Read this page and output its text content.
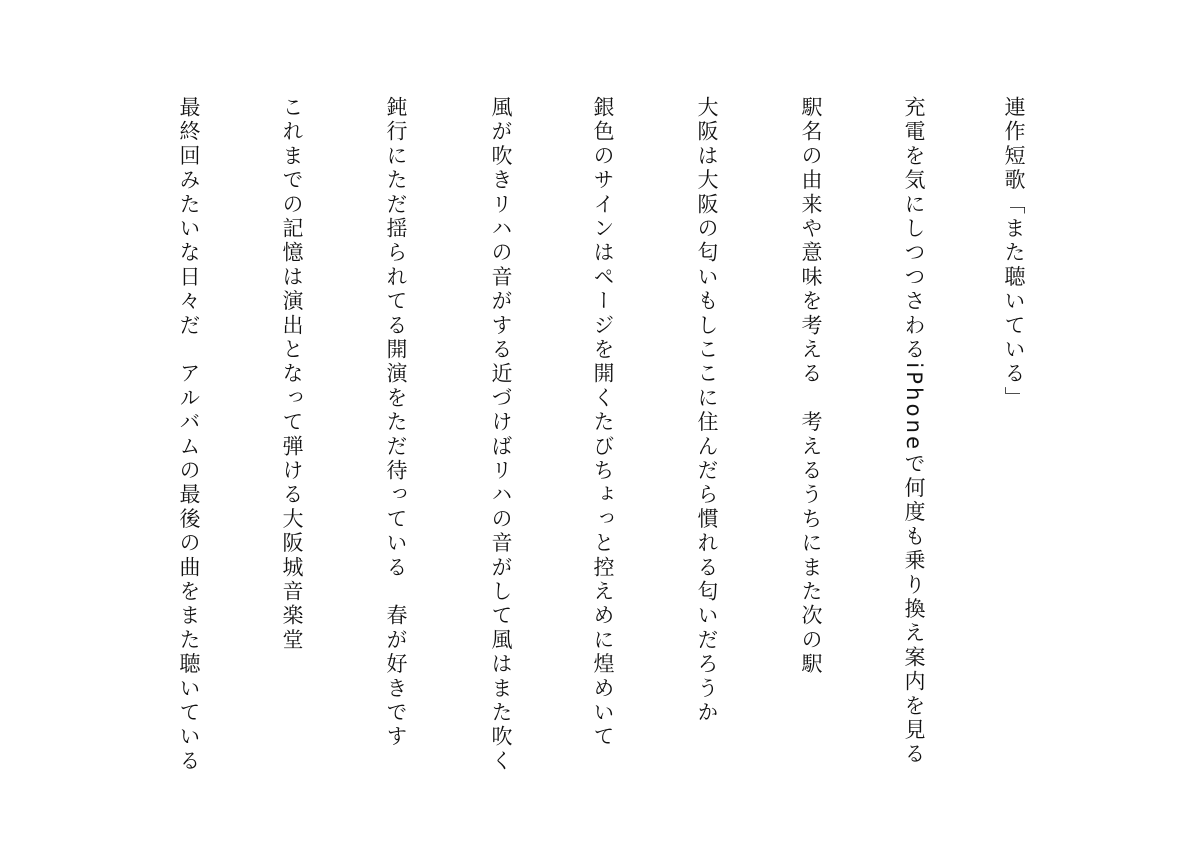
連作短歌「また聴いている」
充電を気にしつつさわるiPhoneで何度も乗り換え案内を見る
駅名の由来や意味を考える　考えるうちにまた次の駅
大阪は大阪の匂いもしここに住んだら慣れる匂いだろうか
銀色のサインはページを開くたびちょっと控えめに煌めいて
風が吹きリハの音がする近づけばリハの音がして風はまた吹く
鈍行にただ揺られてる開演をただ待っている　春が好きです
これまでの記憶は演出となって弾ける大阪城音楽堂
最終回みたいな日々だ　アルバムの最後の曲をまた聴いている
